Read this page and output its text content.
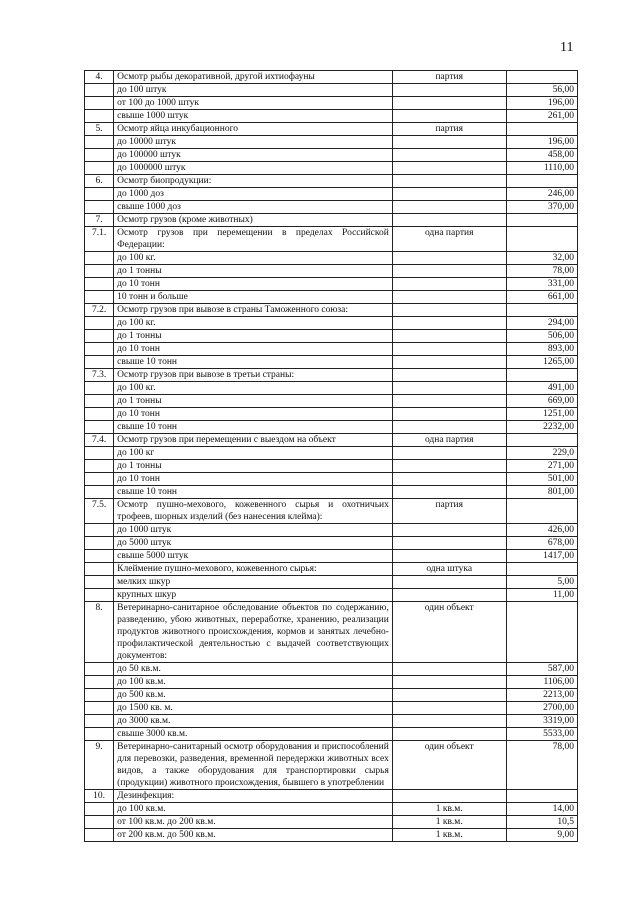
11
4.	Осмотр рыбы декоративной, другой ихтиофауны	партия	
	до 100 штук		56,00
	от 100 до 1000 штук		196,00
	свыше 1000 штук		261,00
5.	Осмотр яйца инкубационного	партия	
	до 10000 штук		196,00
	до 100000 штук		458,00
	до 1000000 штук		1110,00
6.	Осмотр биопродукции:		
	до 1000 доз		246,00
	свыше 1000 доз		370,00
7.	Осмотр грузов (кроме животных)		
7.1.	Осмотр грузов при перемещении в пределах Российской Федерации:	одна партия	
	до 100 кг.		32,00
	до 1 тонны		78,00
	до 10 тонн		331,00
	10 тонн и больше		661,00
7.2.	Осмотр грузов при вывозе в страны Таможенного союза:		
	до 100 кг.		294,00
	до 1 тонны		506,00
	до 10 тонн		893,00
	свыше 10 тонн		1265,00
7.3.	Осмотр грузов при вывозе в третьи страны:		
	до 100 кг.		491,00
	до 1 тонны		669,00
	до 10 тонн		1251,00
	свыше 10 тонн		2232,00
7.4.	Осмотр грузов при перемещении с выездом на объект	одна партия	
	до 100 кг		229,0
	до 1 тонны		271,00
	до 10 тонн		501,00
	свыше 10 тонн		801,00
7.5.	Осмотр пушно-мехового, кожевенного сырья и охотничьих трофеев, шорных изделий (без нанесения клейма):	партия	
	до 1000 штук		426,00
	до 5000 штук		678,00
	свыше 5000 штук		1417,00
	Клеймение пушно-мехового, кожевенного сырья:	одна штука	
	мелких шкур		5,00
	крупных шкур		11,00
8.	Ветеринарно-санитарное обследование объектов по содержанию, разведению, убою животных, переработке, хранению, реализации продуктов животного происхождения, кормов и занятых лечебно-профилактической деятельностью с выдачей соответствующих документов:	один объект	
	до 50 кв.м.		587,00
	до 100 кв.м.		1106,00
	до 500 кв.м.		2213,00
	до 1500 кв. м.		2700,00
	до 3000 кв.м.		3319,00
	свыше 3000 кв.м.		5533,00
9.	Ветеринарно-санитарный осмотр оборудования и приспособлений для перевозки, разведения, временной передержки животных всех видов, а также оборудования для транспортировки сырья (продукции) животного происхождения, бывшего в употреблении	один объект	78,00
10.	Дезинфекция:		
	до 100 кв.м.	1 кв.м.	14,00
	от 100 кв.м. до 200 кв.м.	1 кв.м.	10,5
	от 200 кв.м. до 500 кв.м.	1 кв.м.	9,00
